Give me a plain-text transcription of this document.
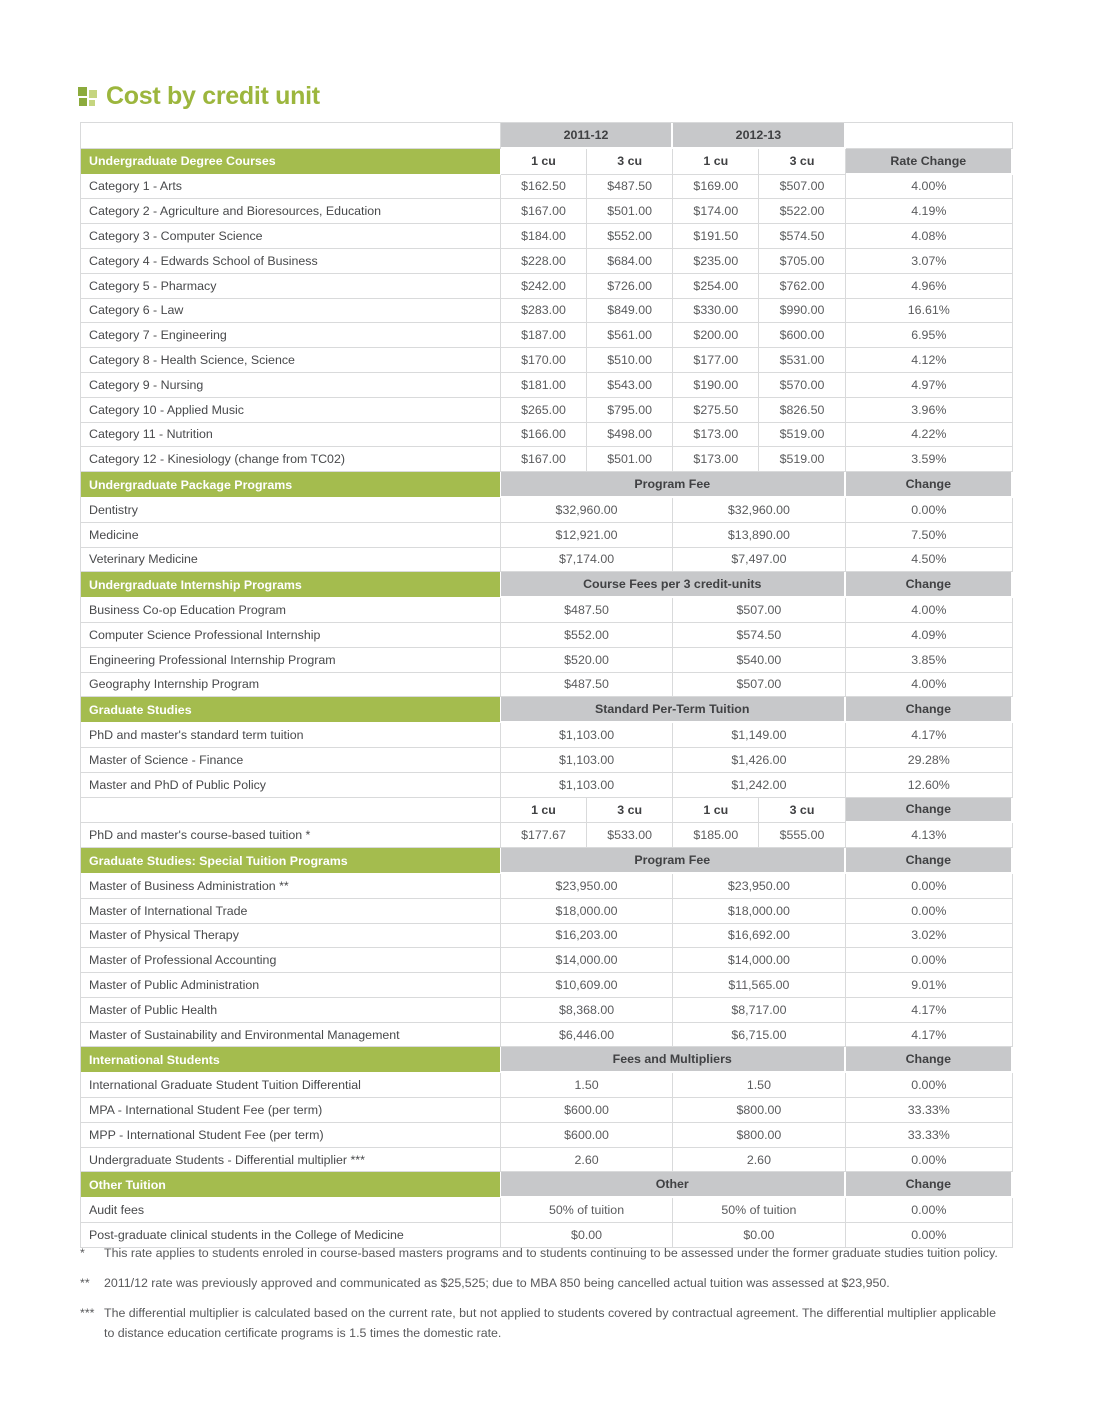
Cost by credit unit
	2011-12		2012-13		
Undergraduate Degree Courses	1 cu	3 cu	1 cu	3 cu	Rate Change
Category 1 - Arts	$162.50	$487.50	$169.00	$507.00	4.00%
Category 2 - Agriculture and Bioresources, Education	$167.00	$501.00	$174.00	$522.00	4.19%
Category 3 - Computer Science	$184.00	$552.00	$191.50	$574.50	4.08%
Category 4 - Edwards School of Business	$228.00	$684.00	$235.00	$705.00	3.07%
Category 5 - Pharmacy	$242.00	$726.00	$254.00	$762.00	4.96%
Category 6 - Law	$283.00	$849.00	$330.00	$990.00	16.61%
Category 7 - Engineering	$187.00	$561.00	$200.00	$600.00	6.95%
Category 8 - Health Science, Science	$170.00	$510.00	$177.00	$531.00	4.12%
Category 9 - Nursing	$181.00	$543.00	$190.00	$570.00	4.97%
Category 10 - Applied Music	$265.00	$795.00	$275.50	$826.50	3.96%
Category 11 - Nutrition	$166.00	$498.00	$173.00	$519.00	4.22%
Category 12 - Kinesiology (change from TC02)	$167.00	$501.00	$173.00	$519.00	3.59%
Undergraduate Package Programs	Program Fee				Change
Dentistry	$32,960.00		$32,960.00		0.00%
Medicine	$12,921.00		$13,890.00		7.50%
Veterinary Medicine	$7,174.00		$7,497.00		4.50%
Undergraduate Internship Programs	Course Fees per 3 credit-units				Change
Business Co-op Education Program	$487.50		$507.00		4.00%
Computer Science Professional Internship	$552.00		$574.50		4.09%
Engineering Professional Internship Program	$520.00		$540.00		3.85%
Geography Internship Program	$487.50		$507.00		4.00%
Graduate Studies	Standard Per-Term Tuition				Change
PhD and master's standard term tuition	$1,103.00		$1,149.00		4.17%
Master of Science - Finance	$1,103.00		$1,426.00		29.28%
Master and PhD of Public Policy	$1,103.00		$1,242.00		12.60%
	1 cu	3 cu	1 cu	3 cu	Change
PhD and master's course-based tuition *	$177.67	$533.00	$185.00	$555.00	4.13%
Graduate Studies: Special Tuition Programs	Program Fee				Change
Master of Business Administration **	$23,950.00		$23,950.00		0.00%
Master of International Trade	$18,000.00		$18,000.00		0.00%
Master of Physical Therapy	$16,203.00		$16,692.00		3.02%
Master of Professional Accounting	$14,000.00		$14,000.00		0.00%
Master of Public Administration	$10,609.00		$11,565.00		9.01%
Master of Public Health	$8,368.00		$8,717.00		4.17%
Master of Sustainability and Environmental Management	$6,446.00		$6,715.00		4.17%
International Students	Fees and Multipliers				Change
International Graduate Student Tuition Differential	1.50		1.50		0.00%
MPA - International Student Fee (per term)	$600.00		$800.00		33.33%
MPP - International Student Fee (per term)	$600.00		$800.00		33.33%
Undergraduate Students - Differential multiplier ***	2.60		2.60		0.00%
Other Tuition	Other				Change
Audit fees	50% of tuition		50% of tuition		0.00%
Post-graduate clinical students in the College of Medicine	$0.00		$0.00		0.00%
*	This rate applies to students enroled in course-based masters programs and to students continuing to be assessed under the former graduate studies tuition policy.
**	2011/12 rate was previously approved and communicated as $25,525; due to MBA 850 being cancelled actual tuition was assessed at $23,950.
*** The differential multiplier is calculated based on the current rate, but not applied to students covered by contractual agreement. The differential multiplier applicable to distance education certificate programs is 1.5 times the domestic rate.
